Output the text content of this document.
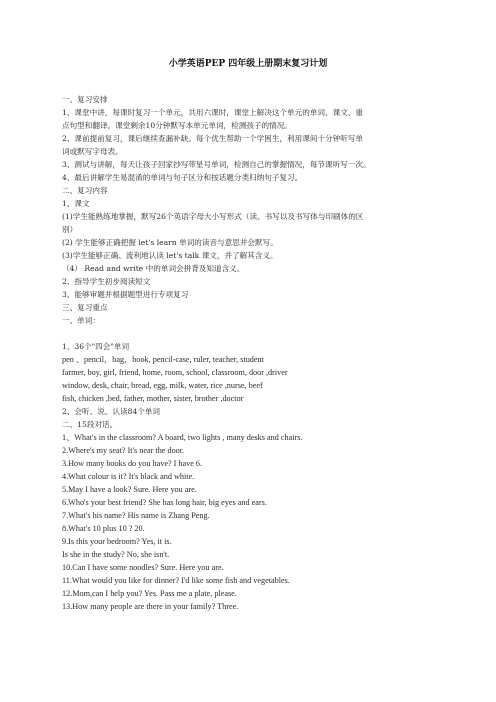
小学英语PEP 四年级上册期末复习计划
一、复习安排
1、课堂中讲，每课时复习一个单元，共用六课时，课堂上解决这个单元的单词、课文、重
点句型和翻译。课堂剩余10分钟默写本单元单词，检测孩子的情况。
2、课前提前复习，课后继续查漏补缺。每个优生帮助一个学困生，利用课间十分钟听写单
词或默写字母表。
3、测试与讲解，每天让孩子回家抄写带星号单词，检测自己的掌握情况，每节课听写一次。
4、最后讲解学生易混淆的单词与句子区分和按话题分类归纳句子复习。
二、复习内容
1、课文
(1)学生能熟练地掌握，默写26个英语字母大小写形式（读、书写以及书写体与印刷体的区
别）
(2) 学生能够正确把握 let's learn 单词的读音与意思并会默写。
(3)学生能够正确、流利地认读 let's talk 课文，并了解其含义。
（4） Read and write 中的单词会拼背及知道含义。
2、指导学生初步阅读短文
3、能够审题并根据题型进行专项复习
三、复习重点
一、单词：
1、36个"四会"单词
pen 、pencil，bag，book, pencil-case, ruler, teacher, student
farmer, boy, girl, friend, home, room, school, classroom, door ,driver
window, desk, chair, bread, egg, milk, water, rice ,nurse, beef
fish, chicken ,bed, father, mother, sister, brother ,doctor
2、会听、说、认读84个单词
二、15段对话。
1、What's in the classroom? A board, two lights , many desks and chairs.
2.Where's my seat? It's near the door.
3.How many books do you have? I have 6.
4.What colour is it? It's black and white.
5.May I have a look? Sure. Here you are.
6.Who's your best friend? She has long hair, big eyes and ears.
7.What's his name? His name is Zhang Peng.
8.What's 10 plus 10 ? 20.
9.Is this your bedroom? Yes, it is.
Is she in the study? No, she isn't.
10.Can I have some noodles? Sure. Here you are.
11.What would you like for dinner? I'd like some fish and vegetables.
12.Mom,can I help you? Yes. Pass me a plate, please.
13.How many people are there in your family? Three.
